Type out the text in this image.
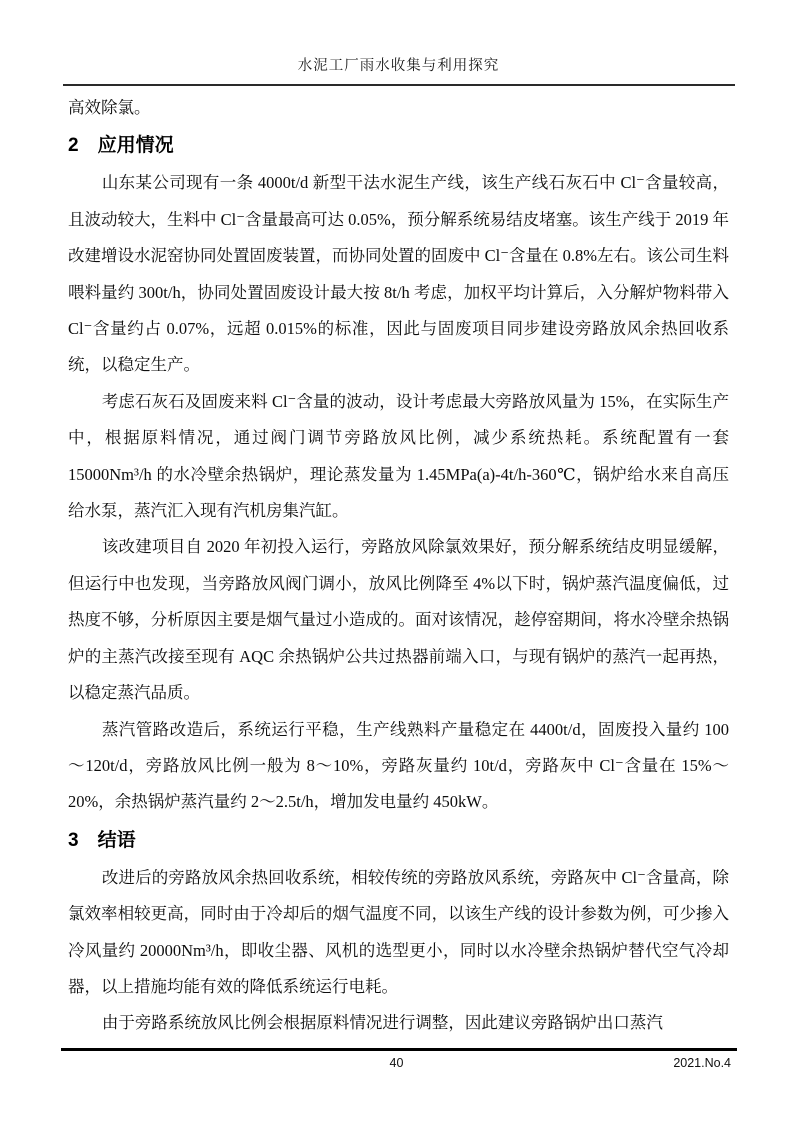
水泥工厂雨水收集与利用探究

高效除氯。

2　应用情况

山东某公司现有一条 4000t/d 新型干法水泥生产线，该生产线石灰石中 Cl⁻含量较高，且波动较大，生料中 Cl⁻含量最高可达 0.05%，预分解系统易结皮堵塞。该生产线于 2019 年改建增设水泥窑协同处置固废装置，而协同处置的固废中 Cl⁻含量在 0.8%左右。该公司生料喂料量约 300t/h，协同处置固废设计最大按 8t/h 考虑，加权平均计算后，入分解炉物料带入 Cl⁻含量约占 0.07%，远超 0.015%的标准，因此与固废项目同步建设旁路放风余热回收系统，以稳定生产。

考虑石灰石及固废来料 Cl⁻含量的波动，设计考虑最大旁路放风量为 15%，在实际生产中，根据原料情况，通过阀门调节旁路放风比例，减少系统热耗。系统配置有一套 15000Nm³/h 的水冷壁余热锅炉，理论蒸发量为 1.45MPa(a)-4t/h-360℃，锅炉给水来自高压给水泵，蒸汽汇入现有汽机房集汽缸。

该改建项目自 2020 年初投入运行，旁路放风除氯效果好，预分解系统结皮明显缓解，但运行中也发现，当旁路放风阀门调小，放风比例降至 4%以下时，锅炉蒸汽温度偏低，过热度不够，分析原因主要是烟气量过小造成的。面对该情况，趁停窑期间，将水冷壁余热锅炉的主蒸汽改接至现有 AQC 余热锅炉公共过热器前端入口，与现有锅炉的蒸汽一起再热，以稳定蒸汽品质。

蒸汽管路改造后，系统运行平稳，生产线熟料产量稳定在 4400t/d，固废投入量约 100～120t/d，旁路放风比例一般为 8～10%，旁路灰量约 10t/d，旁路灰中 Cl⁻含量在 15%～20%，余热锅炉蒸汽量约 2～2.5t/h，增加发电量约 450kW。

3　结语

改进后的旁路放风余热回收系统，相较传统的旁路放风系统，旁路灰中 Cl⁻含量高，除氯效率相较更高，同时由于冷却后的烟气温度不同，以该生产线的设计参数为例，可少掺入冷风量约 20000Nm³/h，即收尘器、风机的选型更小，同时以水冷壁余热锅炉替代空气冷却器，以上措施均能有效的降低系统运行电耗。

由于旁路系统放风比例会根据原料情况进行调整，因此建议旁路锅炉出口蒸汽

40	2021.No.4
